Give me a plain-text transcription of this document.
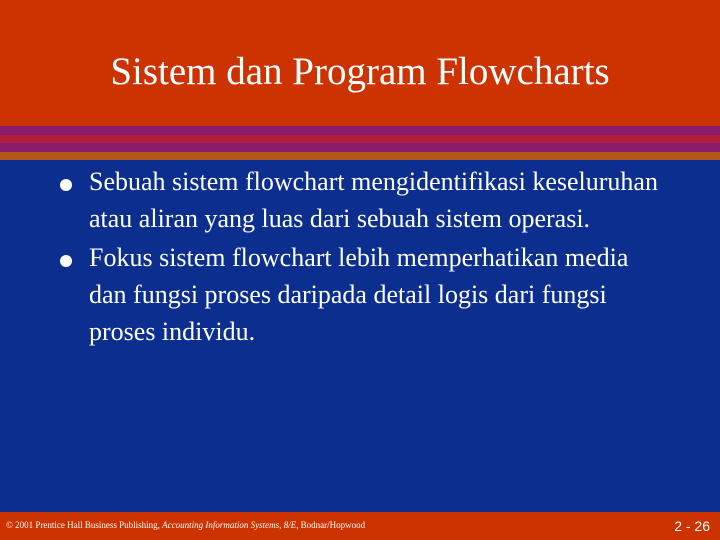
Sistem dan Program Flowcharts
Sebuah sistem flowchart mengidentifikasi keseluruhan atau aliran yang luas dari sebuah sistem operasi.
Fokus sistem flowchart lebih memperhatikan media dan fungsi proses daripada detail logis dari fungsi proses individu.
© 2001 Prentice Hall Business Publishing, Accounting Information Systems, 8/E, Bodnar/Hopwood	2 - 26
